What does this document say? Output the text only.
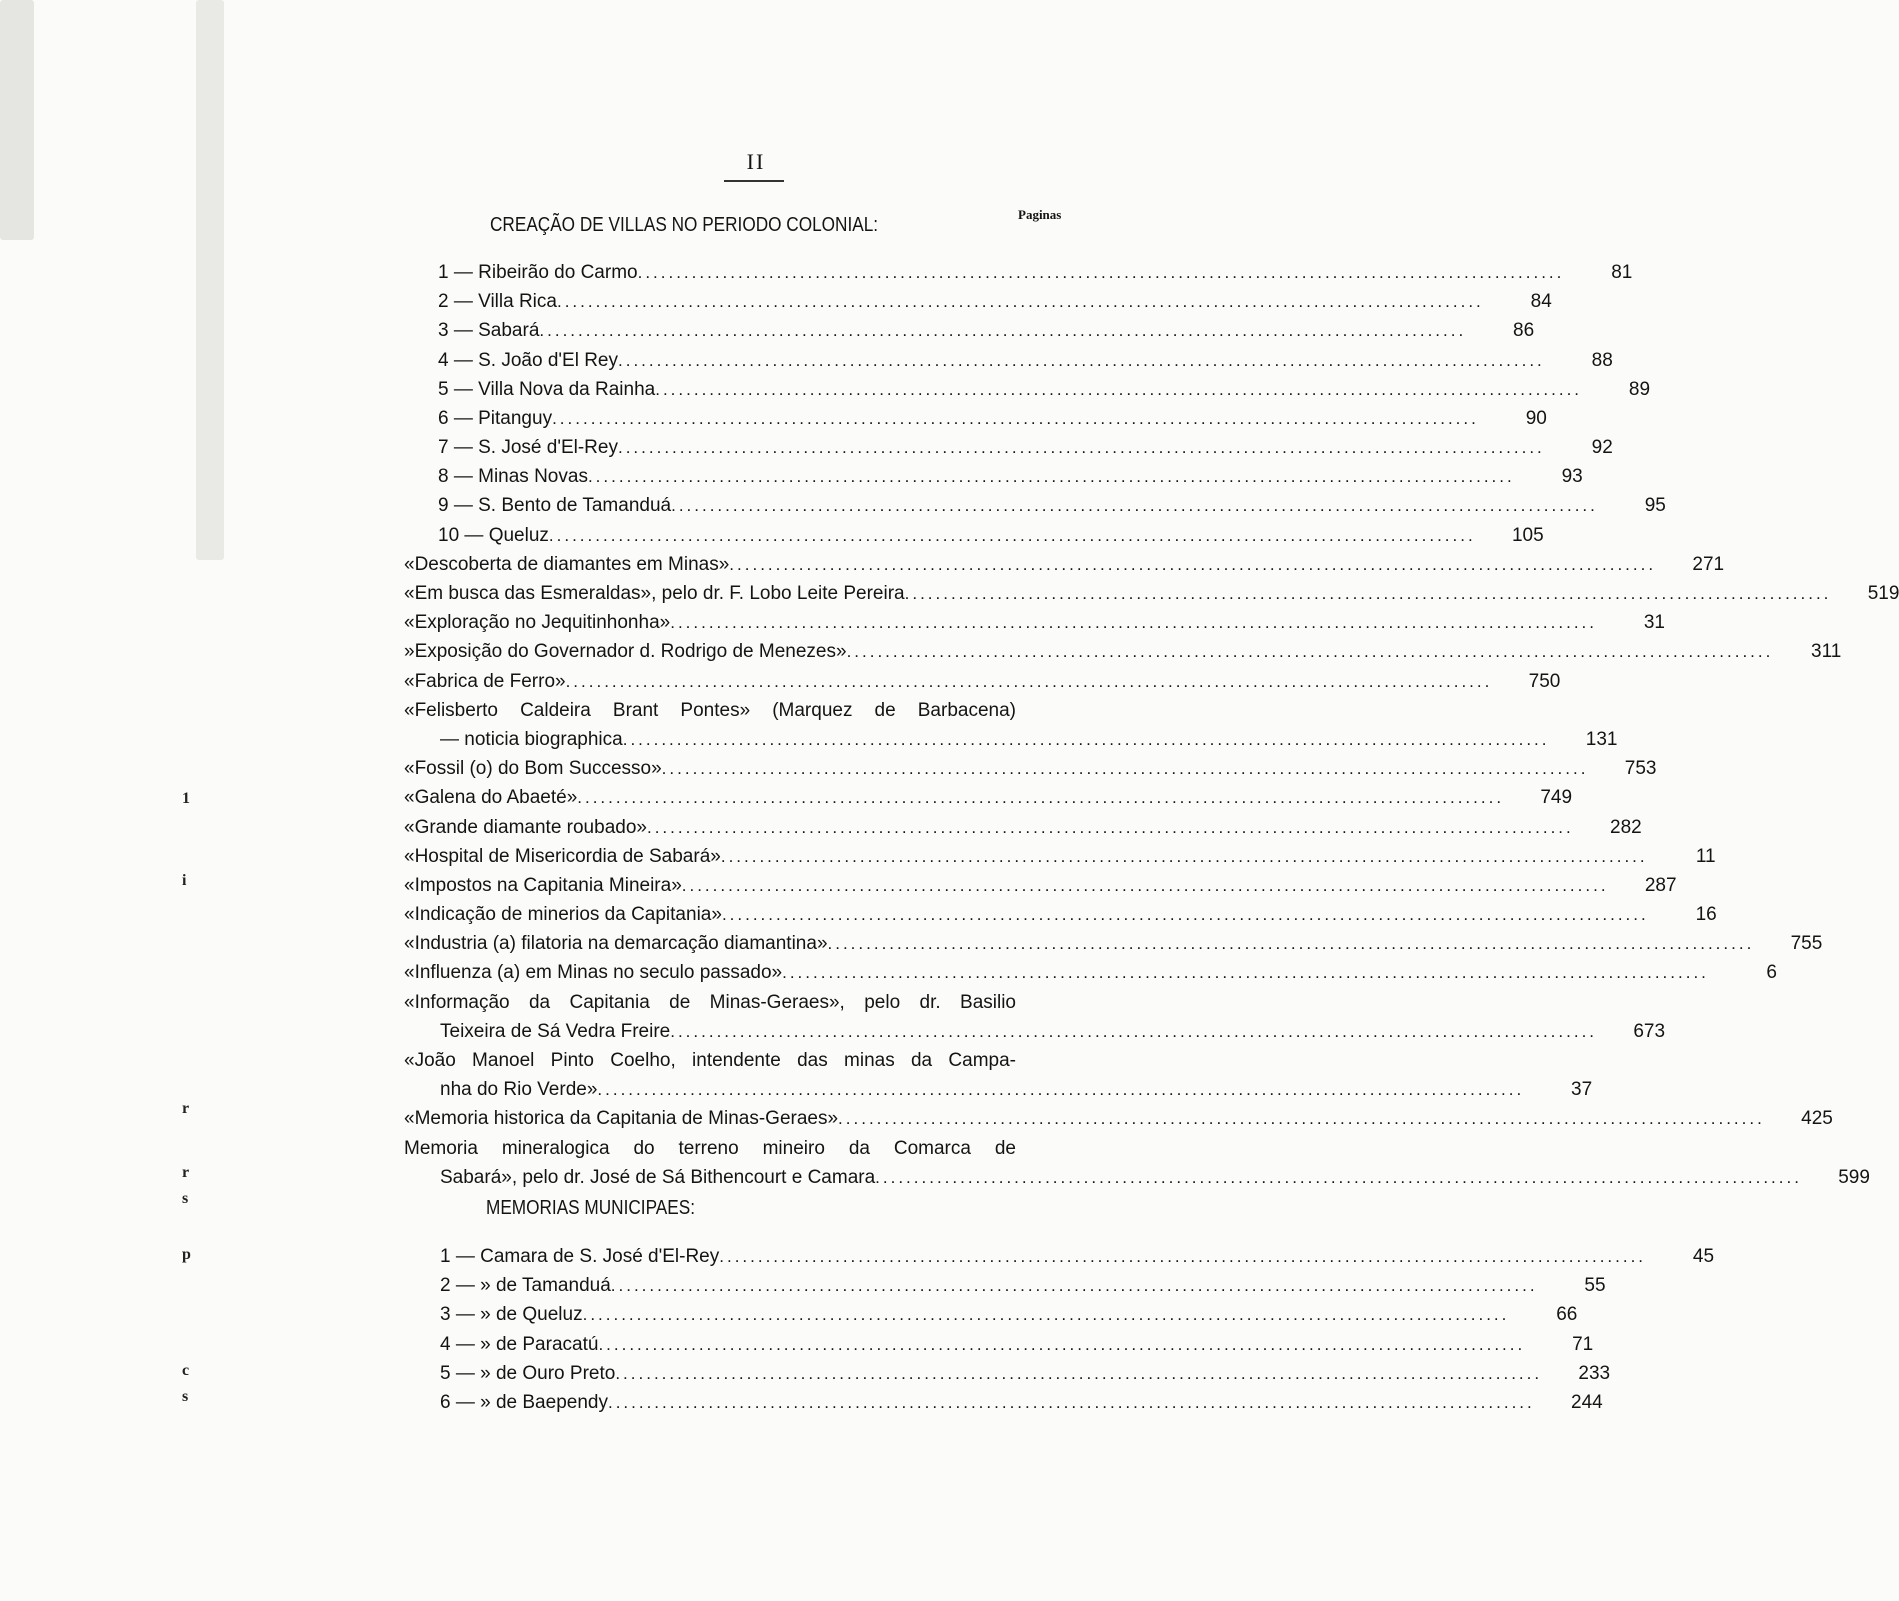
1
i
r
r
s
p
c
s
II
Paginas
CREAÇÃO DE VILLAS NO PERIODO COLONIAL:
1 — Ribeirão do Carmo ........................................................................................................................	81
2 — Villa Rica ........................................................................................................................	84
3 — Sabará ........................................................................................................................	86
4 — S. João d'El Rey ........................................................................................................................	88
5 — Villa Nova da Rainha ........................................................................................................................	89
6 — Pitanguy ........................................................................................................................	90
7 — S. José d'El-Rey ........................................................................................................................	92
8 — Minas Novas ........................................................................................................................	93
9 — S. Bento de Tamanduá ........................................................................................................................	95
10 — Queluz ........................................................................................................................	105
«Descoberta de diamantes em Minas» ........................................................................................................................	271
«Em busca das Esmeraldas», pelo dr. F. Lobo Leite Pereira ........................................................................................................................	519
«Exploração no Jequitinhonha» ........................................................................................................................	31
»Exposição do Governador d. Rodrigo de Menezes» ........................................................................................................................	311
«Fabrica de Ferro» ........................................................................................................................	750
«Felisberto Caldeira Brant Pontes» (Marquez de Barbacena)
— noticia biographica ........................................................................................................................	131
«Fossil (o) do Bom Successo» ........................................................................................................................	753
«Galena do Abaeté» ........................................................................................................................	749
«Grande diamante roubado» ........................................................................................................................	282
«Hospital de Misericordia de Sabará» ........................................................................................................................	11
«Impostos na Capitania Mineira» ........................................................................................................................	287
«Indicação de minerios da Capitania» ........................................................................................................................	16
«Industria (a) filatoria na demarcação diamantina» ........................................................................................................................	755
«Influenza (a) em Minas no seculo passado» ........................................................................................................................	6
«Informação da Capitania de Minas-Geraes», pelo dr. Basilio
Teixeira de Sá Vedra Freire ........................................................................................................................	673
«João Manoel Pinto Coelho, intendente das minas da Campa-
nha do Rio Verde» ........................................................................................................................	37
«Memoria historica da Capitania de Minas-Geraes» ........................................................................................................................	425
Memoria mineralogica do terreno mineiro da Comarca de
Sabará», pelo dr. José de Sá Bithencourt e Camara ........................................................................................................................	599
MEMORIAS MUNICIPAES:
1 — Camara de S. José d'El-Rey ........................................................................................................................	45
2 — » de Tamanduá ........................................................................................................................	55
3 — » de Queluz ........................................................................................................................	66
4 — » de Paracatú ........................................................................................................................	71
5 — » de Ouro Preto ........................................................................................................................	233
6 — » de Baependy ........................................................................................................................	244
